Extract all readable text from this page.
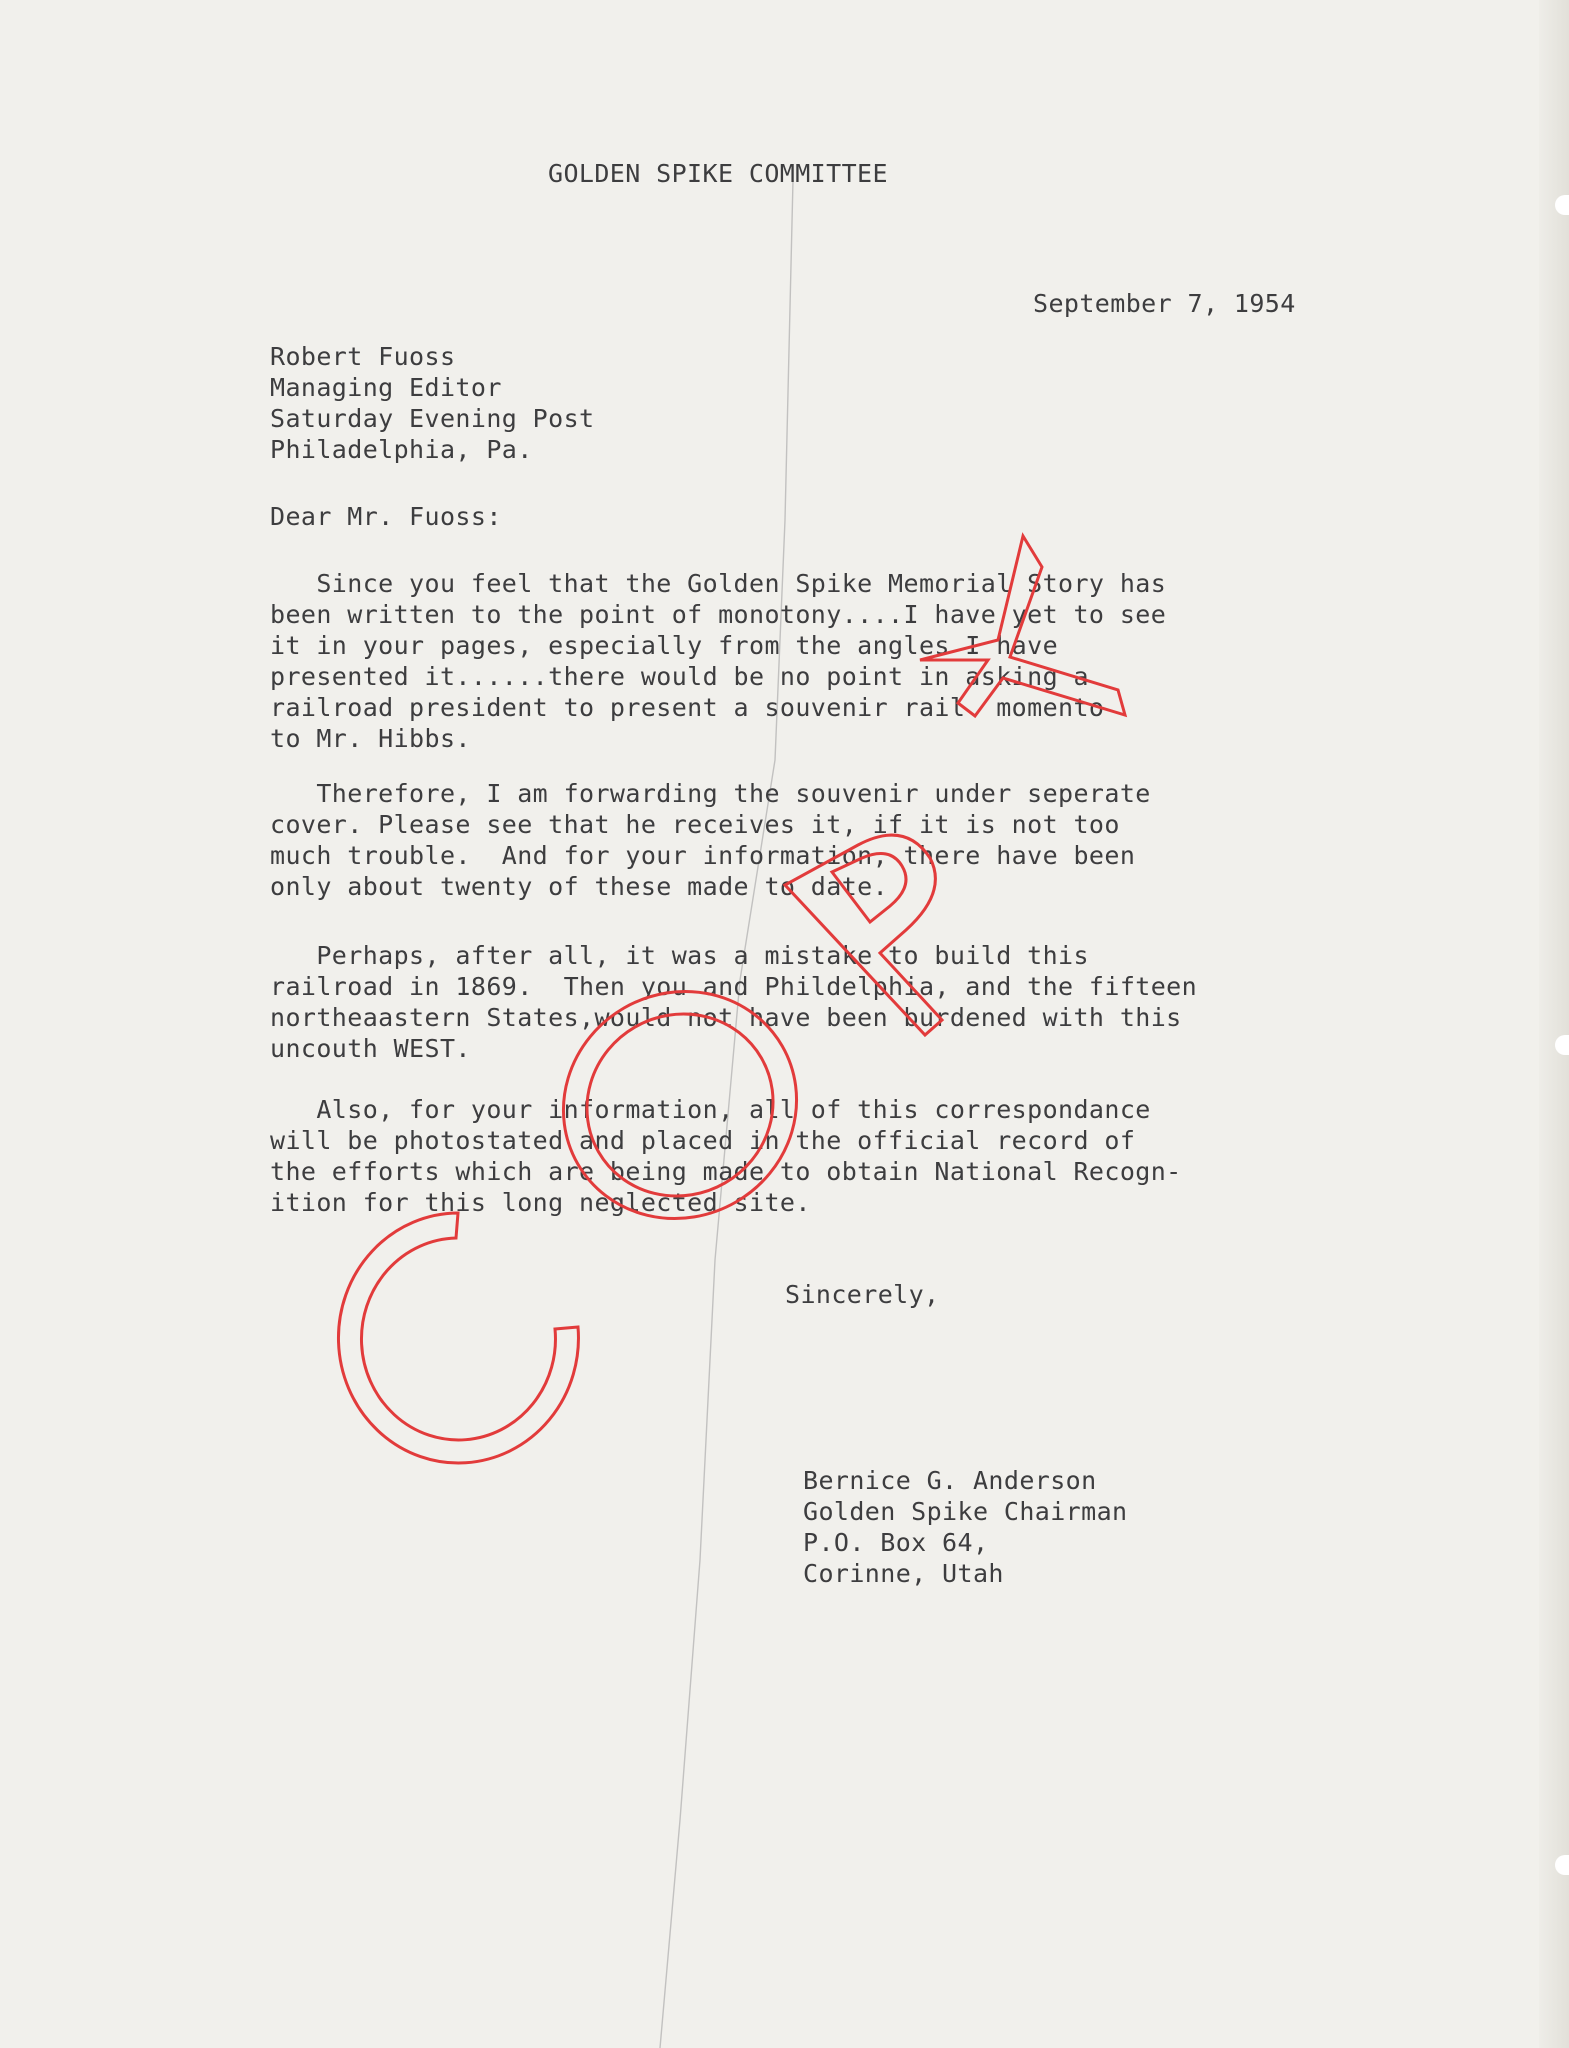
GOLDEN SPIKE COMMITTEE
September 7, 1954
Robert Fuoss
Managing Editor
Saturday Evening Post
Philadelphia, Pa.
Dear Mr. Fuoss:
Since you feel that the Golden Spike Memorial Story has
been written to the point of monotony....I have yet to see
it in your pages, especially from the angles I have
presented it......there would be no point in asking a
railroad president to present a souvenir rail  momento
to Mr. Hibbs.
Therefore, I am forwarding the souvenir under seperate
cover. Please see that he receives it, if it is not too
much trouble.  And for your information, there have been
only about twenty of these made to date.
Perhaps, after all, it was a mistake to build this
railroad in 1869.  Then you and Phildelphia, and the fifteen
northeaastern States,would not have been burdened with this
uncouth WEST.
Also, for your information, all of this correspondance
will be photostated and placed in the official record of
the efforts which are being made to obtain National Recogn-
ition for this long neglected site.
Sincerely,
Bernice G. Anderson
Golden Spike Chairman
P.O. Box 64,
Corinne, Utah
